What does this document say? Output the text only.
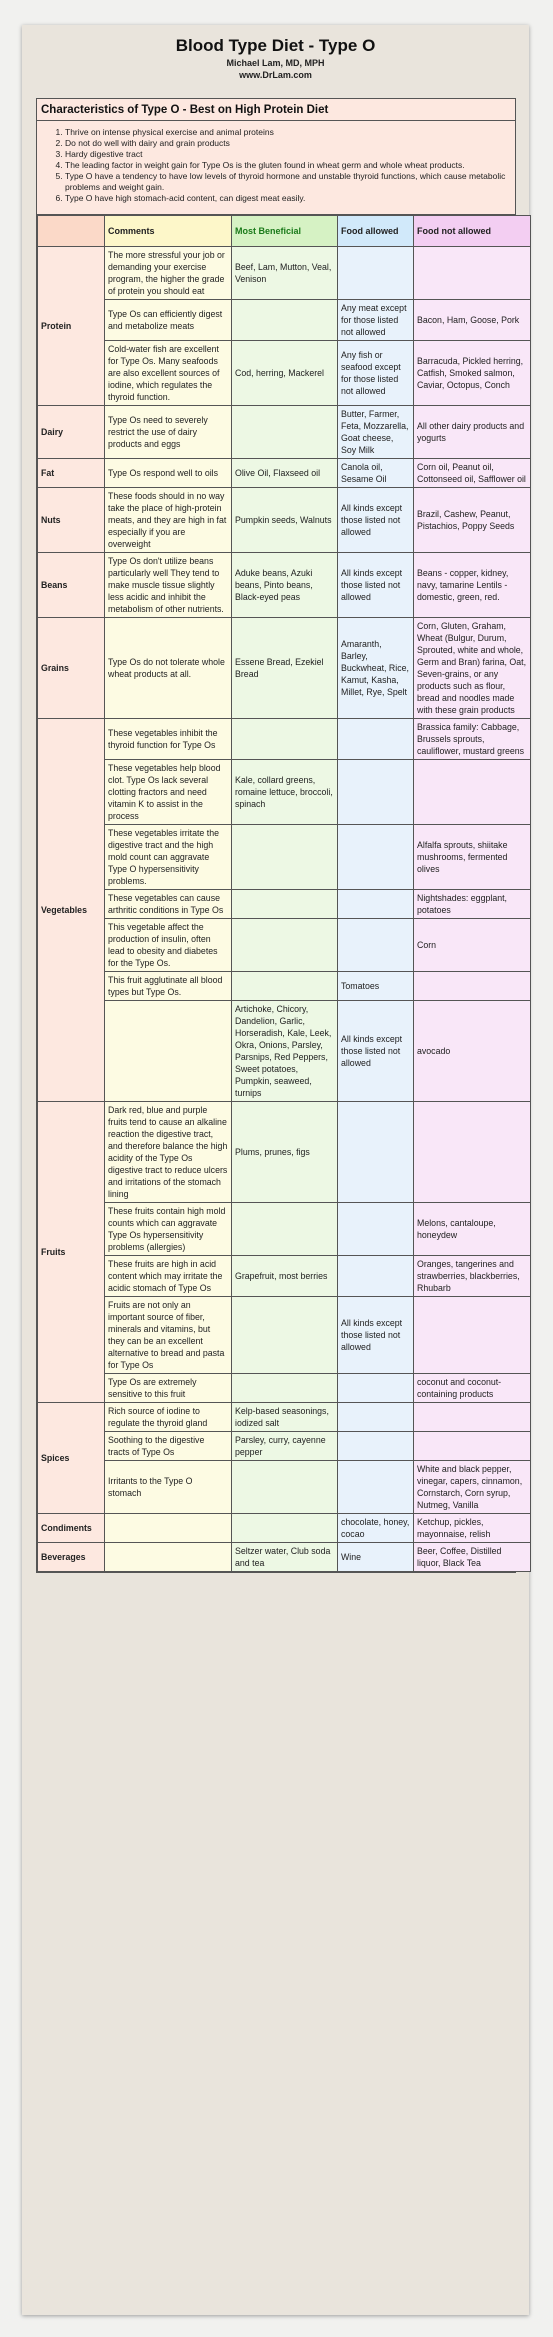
Blood Type Diet - Type O
Michael Lam, MD, MPH
www.DrLam.com
Characteristics of Type O - Best on High Protein Diet
1. Thrive on intense physical exercise and animal proteins
2. Do not do well with dairy and grain products
3. Hardy digestive tract
4. The leading factor in weight gain for Type Os is the gluten found in wheat germ and whole wheat products.
5. Type O have a tendency to have low levels of thyroid hormone and unstable thyroid functions, which cause metabolic problems and weight gain.
6. Type O have high stomach-acid content, can digest meat easily.
	Comments	Most Beneficial	Food allowed	Food not allowed
Protein	The more stressful your job or demanding your exercise program, the higher the grade of protein you should eat	Beef, Lam, Mutton, Veal, Venison		
	Type Os can efficiently digest and metabolize meats		Any meat except for those listed not allowed	Bacon, Ham, Goose, Pork
	Cold-water fish are excellent for Type Os. Many seafoods are also excellent sources of iodine, which regulates the thyroid function.	Cod, herring, Mackerel	Any fish or seafood except for those listed not allowed	Barracuda, Pickled herring, Catfish, Smoked salmon, Caviar, Octopus, Conch
Dairy	Type Os need to severely restrict the use of dairy products and eggs		Butter, Farmer, Feta, Mozzarella, Goat cheese, Soy Milk	All other dairy products and yogurts
Fat	Type Os respond well to oils	Olive Oil, Flaxseed oil	Canola oil, Sesame Oil	Corn oil, Peanut oil, Cottonseed oil, Safflower oil
Nuts	These foods should in no way take the place of high-protein meats, and they are high in fat especially if you are overweight	Pumpkin seeds, Walnuts	All kinds except those listed not allowed	Brazil, Cashew, Peanut, Pistachios, Poppy Seeds
Beans	Type Os don't utilize beans particularly well They tend to make muscle tissue slightly less acidic and inhibit the metabolism of other nutrients.	Aduke beans, Azuki beans, Pinto beans, Black-eyed peas	All kinds except those listed not allowed	Beans - copper, kidney, navy, tamarine Lentils - domestic, green, red.
Grains	Type Os do not tolerate whole wheat products at all.	Essene Bread, Ezekiel Bread	Amaranth, Barley, Buckwheat, Rice, Kamut, Kasha, Millet, Rye, Spelt	Corn, Gluten, Graham, Wheat (Bulgur, Durum, Sprouted, white and whole, Germ and Bran) farina, Oat, Seven-grains, or any products such as flour, bread and noodles made with these grain products
Vegetables	These vegetables inhibit the thyroid function for Type Os			Brassica family: Cabbage, Brussels sprouts, cauliflower, mustard greens
	These vegetables help blood clot. Type Os lack several clotting fractors and need vitamin K to assist in the process	Kale, collard greens, romaine lettuce, broccoli, spinach		
	These vegetables irritate the digestive tract and the high mold count can aggravate Type O hypersensitivity problems.			Alfalfa sprouts, shiitake mushrooms, fermented olives
	These vegetables can cause arthritic conditions in Type Os			Nightshades: eggplant, potatoes
	This vegetable affect the production of insulin, often lead to obesity and diabetes for the Type Os.			Corn
	This fruit agglutinate all blood types but Type Os.		Tomatoes	
		Artichoke, Chicory, Dandelion, Garlic, Horseradish, Kale, Leek, Okra, Onions, Parsley, Parsnips, Red Peppers, Sweet potatoes, Pumpkin, seaweed, turnips	All kinds except those listed not allowed	avocado
Fruits	Dark red, blue and purple fruits tend to cause an alkaline reaction the digestive tract, and therefore balance the high acidity of the Type Os digestive tract to reduce ulcers and irritations of the stomach lining	Plums, prunes, figs		
	These fruits contain high mold counts which can aggravate Type Os hypersensitivity problems (allergies)			Melons, cantaloupe, honeydew
	These fruits are high in acid content which may irritate the acidic stomach of Type Os	Grapefruit, most berries		Oranges, tangerines and strawberries, blackberries, Rhubarb
	Fruits are not only an important source of fiber, minerals and vitamins, but they can be an excellent alternative to bread and pasta for Type Os		All kinds except those listed not allowed	
	Type Os are extremely sensitive to this fruit			coconut and coconut-containing products
Spices	Rich source of iodine to regulate the thyroid gland	Kelp-based seasonings, iodized salt		
	Soothing to the digestive tracts of Type Os	Parsley, curry, cayenne pepper		
	Irritants to the Type O stomach			White and black pepper, vinegar, capers, cinnamon, Cornstarch, Corn syrup, Nutmeg, Vanilla
Condiments			chocolate, honey, cocao	Ketchup, pickles, mayonnaise, relish
Beverages		Seltzer water, Club soda and tea	Wine	Beer, Coffee, Distilled liquor, Black Tea
